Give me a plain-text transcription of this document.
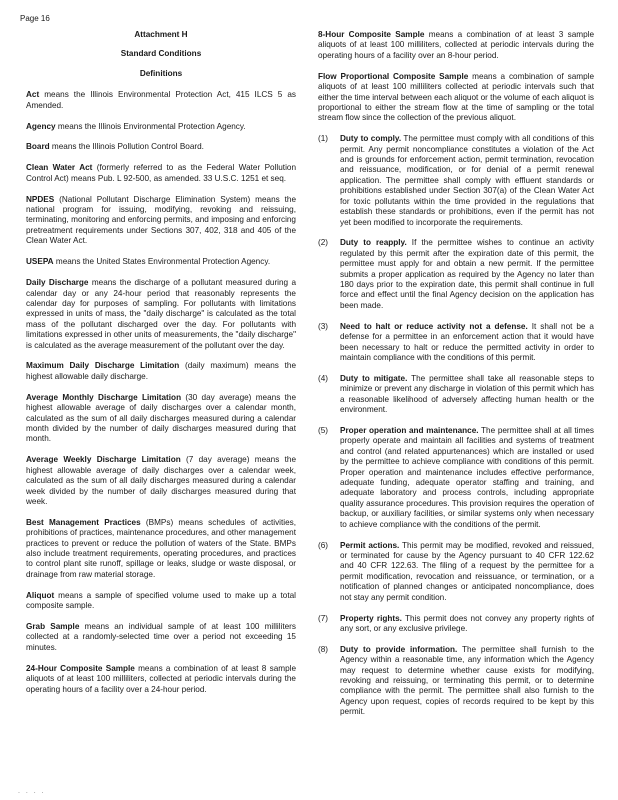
Page 16
Attachment H
Standard Conditions
Definitions

Act means the Illinois Environmental Protection Act, 415 ILCS 5 as Amended.

Agency means the Illinois Environmental Protection Agency.

Board means the Illinois Pollution Control Board.

Clean Water Act (formerly referred to as the Federal Water Pollution Control Act) means Pub. L 92-500, as amended. 33 U.S.C. 1251 et seq.

NPDES (National Pollutant Discharge Elimination System) means the national program for issuing, modifying, revoking and reissuing, terminating, monitoring and enforcing permits, and imposing and enforcing pretreatment requirements under Sections 307, 402, 318 and 405 of the Clean Water Act.

USEPA means the United States Environmental Protection Agency.

Daily Discharge means the discharge of a pollutant measured during a calendar day or any 24-hour period that reasonably represents the calendar day for purposes of sampling. For pollutants with limitations expressed in units of mass, the "daily discharge" is calculated as the total mass of the pollutant discharged over the day. For pollutants with limitations expressed in other units of measurements, the "daily discharge" is calculated as the average measurement of the pollutant over the day.

Maximum Daily Discharge Limitation (daily maximum) means the highest allowable daily discharge.

Average Monthly Discharge Limitation (30 day average) means the highest allowable average of daily discharges over a calendar month, calculated as the sum of all daily discharges measured during a calendar month divided by the number of daily discharges measured during that month.

Average Weekly Discharge Limitation (7 day average) means the highest allowable average of daily discharges over a calendar week, calculated as the sum of all daily discharges measured during a calendar week divided by the number of daily discharges measured during that week.

Best Management Practices (BMPs) means schedules of activities, prohibitions of practices, maintenance procedures, and other management practices to prevent or reduce the pollution of waters of the State. BMPs also include treatment requirements, operating procedures, and practices to control plant site runoff, spillage or leaks, sludge or waste disposal, or drainage from raw material storage.

Aliquot means a sample of specified volume used to make up a total composite sample.

Grab Sample means an individual sample of at least 100 milliliters collected at a randomly-selected time over a period not exceeding 15 minutes.

24-Hour Composite Sample means a combination of at least 8 sample aliquots of at least 100 milliliters, collected at periodic intervals during the operating hours of a facility over a 24-hour period.

8-Hour Composite Sample means a combination of at least 3 sample aliquots of at least 100 milliliters, collected at periodic intervals during the operating hours of a facility over an 8-hour period.

Flow Proportional Composite Sample means a combination of sample aliquots of at least 100 milliliters collected at periodic intervals such that either the time interval between each aliquot or the volume of each aliquot is proportional to either the stream flow at the time of sampling or the total stream flow since the collection of the previous aliquot.

(1)	Duty to comply. The permittee must comply with all conditions of this permit. Any permit noncompliance constitutes a violation of the Act and is grounds for enforcement action, permit termination, revocation and reissuance, modification, or for denial of a permit renewal application. The permittee shall comply with effluent standards or prohibitions established under Section 307(a) of the Clean Water Act for toxic pollutants within the time provided in the regulations that establish these standards or prohibitions, even if the permit has not yet been modified to incorporate the requirements.
(2)	Duty to reapply. If the permittee wishes to continue an activity regulated by this permit after the expiration date of this permit, the permittee must apply for and obtain a new permit. If the permittee submits a proper application as required by the Agency no later than 180 days prior to the expiration date, this permit shall continue in full force and effect until the final Agency decision on the application has been made.
(3)	Need to halt or reduce activity not a defense. It shall not be a defense for a permittee in an enforcement action that it would have been necessary to halt or reduce the permitted activity in order to maintain compliance with the conditions of this permit.
(4)	Duty to mitigate. The permittee shall take all reasonable steps to minimize or prevent any discharge in violation of this permit which has a reasonable likelihood of adversely affecting human health or the environment.
(5)	Proper operation and maintenance. The permittee shall at all times properly operate and maintain all facilities and systems of treatment and control (and related appurtenances) which are installed or used by the permittee to achieve compliance with conditions of this permit. Proper operation and maintenance includes effective performance, adequate funding, adequate operator staffing and training, and adequate laboratory and process controls, including appropriate quality assurance procedures. This provision requires the operation of backup, or auxiliary facilities, or similar systems only when necessary to achieve compliance with the conditions of the permit.
(6)	Permit actions. This permit may be modified, revoked and reissued, or terminated for cause by the Agency pursuant to 40 CFR 122.62 and 40 CFR 122.63. The filing of a request by the permittee for a permit modification, revocation and reissuance, or termination, or a notification of planned changes or anticipated noncompliance, does not stay any permit condition.
(7)	Property rights. This permit does not convey any property rights of any sort, or any exclusive privilege.
(8)	Duty to provide information. The permittee shall furnish to the Agency within a reasonable time, any information which the Agency may request to determine whether cause exists for modifying, revoking and reissuing, or terminating this permit, or to determine compliance with the permit. The permittee shall also furnish to the Agency upon request, copies of records required to be kept by this permit.
. . . .
